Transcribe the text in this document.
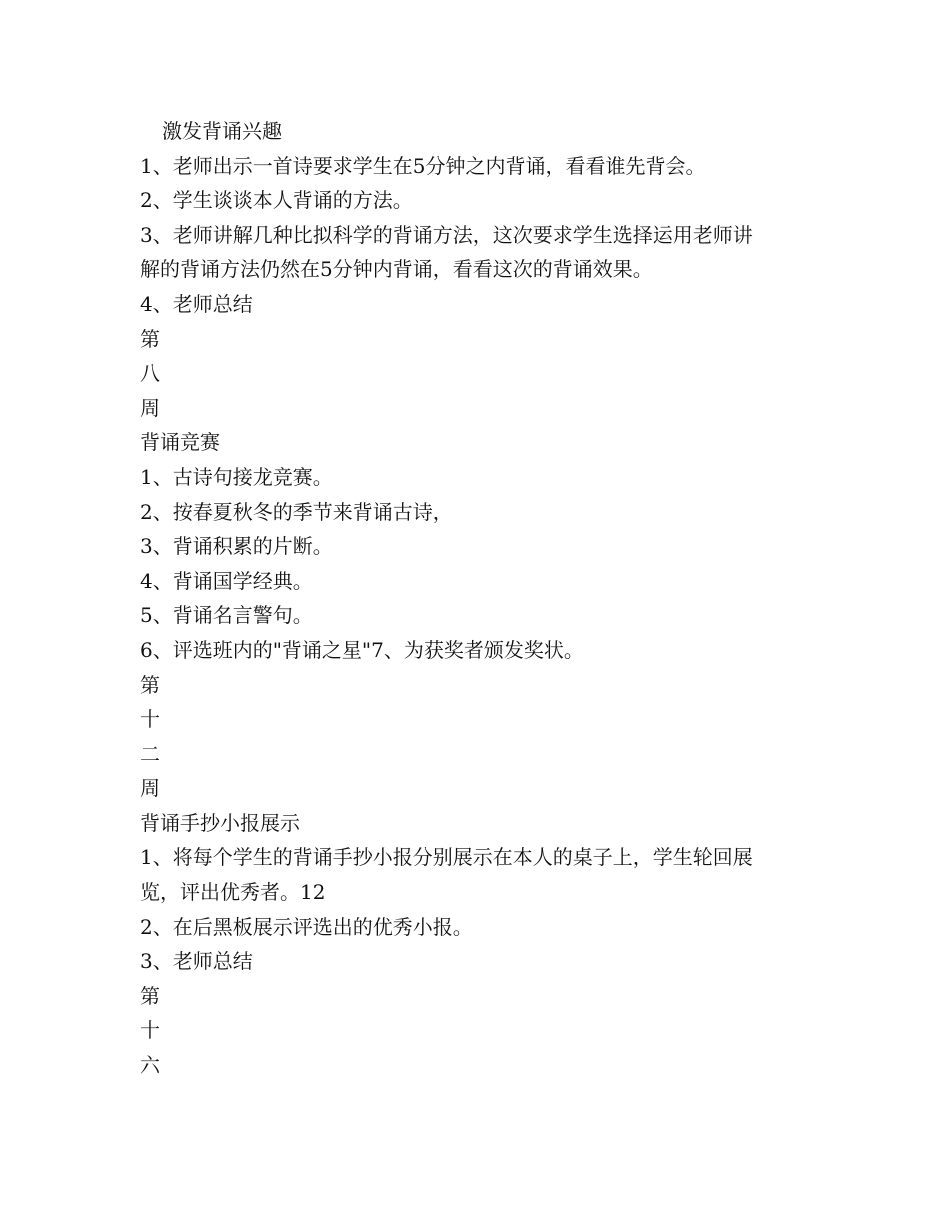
激发背诵兴趣

1、老师出示一首诗要求学生在5分钟之内背诵，看看谁先背会。

2、学生谈谈本人背诵的方法。

3、老师讲解几种比拟科学的背诵方法，这次要求学生选择运用老师讲

解的背诵方法仍然在5分钟内背诵，看看这次的背诵效果。

4、老师总结

第

八

周

背诵竞赛

1、古诗句接龙竞赛。

2、按春夏秋冬的季节来背诵古诗，

3、背诵积累的片断。

4、背诵国学经典。

5、背诵名言警句。

6、评选班内的"背诵之星"7、为获奖者颁发奖状。

第

十

二

周

背诵手抄小报展示

1、将每个学生的背诵手抄小报分别展示在本人的桌子上，学生轮回展

览，评出优秀者。12

2、在后黑板展示评选出的优秀小报。

3、老师总结

第

十

六
